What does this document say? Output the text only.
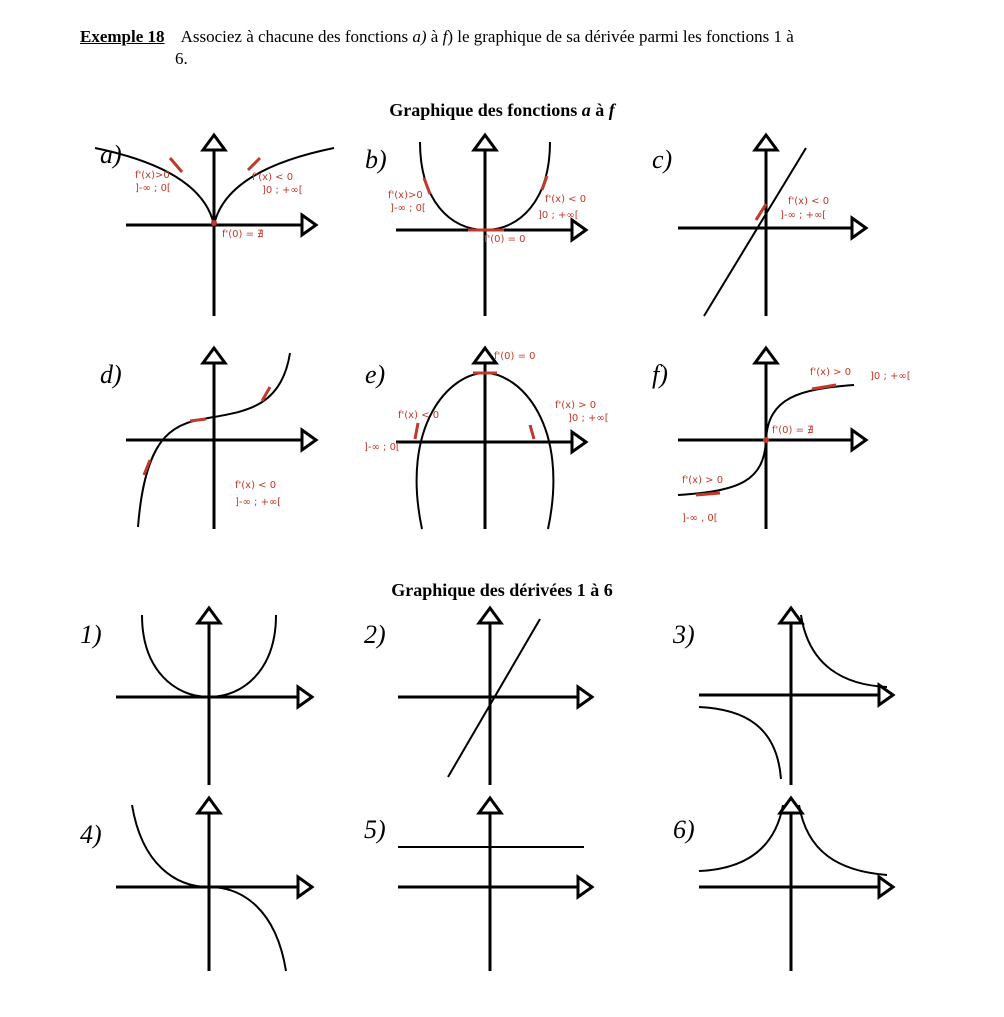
Exemple 18 Associez à chacune des fonctions a) à f) le graphique de sa dérivée parmi les fonctions 1 à
6.
Graphique des fonctions a à f
a)
f'(x)>0
]-∞ ; 0[
f'(x) < 0
]0 ; +∞[
f'(0) = ∄
b)
f'(x)>0
]-∞ ; 0[
f'(x) < 0
]0 ; +∞[
f'(0) = 0
c)
f'(x) < 0
]-∞ ; +∞[
d)
f'(x) < 0
]-∞ ; +∞[
e)
f'(0) = 0
f'(x) < 0
]-∞ ; 0[
f'(x) > 0
]0 ; +∞[
f)	f'(x) > 0 ]0 ; +∞[
f'(0) = ∄
f'(x) > 0
]-∞ , 0[
Graphique des dérivées 1 à 6
1)	2)	3)
4)	5)	6)
